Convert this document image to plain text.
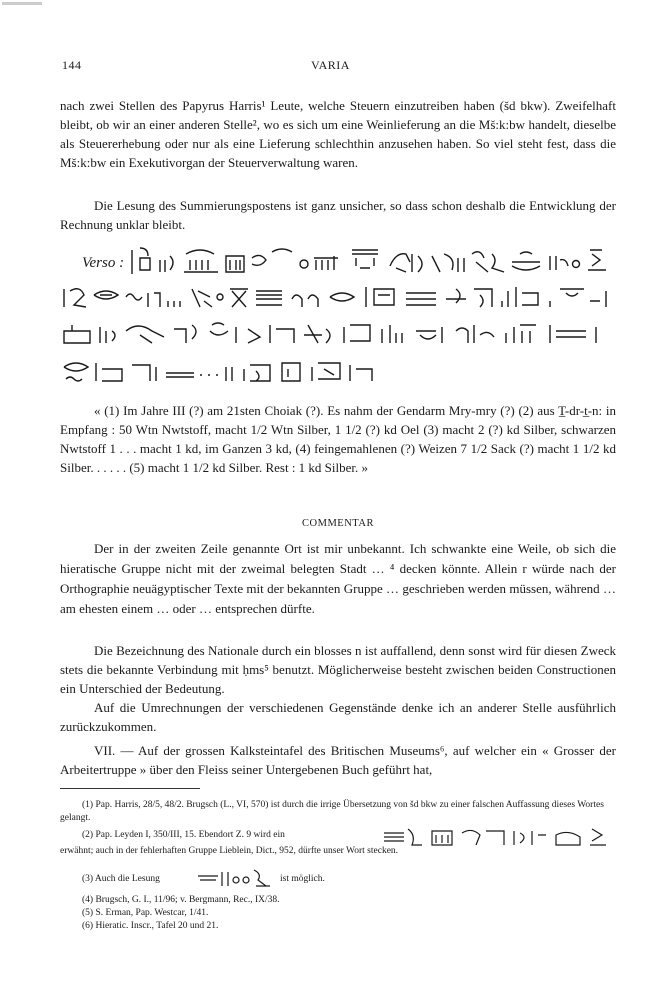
144	VARIA

nach zwei Stellen des Papyrus Harris¹ Leute, welche Steuern einzutreiben haben (šd bkw). Zweifelhaft bleibt, ob wir an einer anderen Stelle², wo es sich um eine Weinlieferung an die Mš:k:bw handelt, dieselbe als Steuererhebung oder nur als eine Lieferung schlechthin anzusehen haben. So viel steht fest, dass die Mš:k:bw ein Exekutivorgan der Steuerverwaltung waren.

Die Lesung des Summierungspostens ist ganz unsicher, so dass schon deshalb die Entwicklung der Rechnung unklar bleibt.

Verso :

« (1) Im Jahre III (?) am 21sten Choiak (?). Es nahm der Gendarm Mry-mry (?) (2) aus T̲-dr-t̲-n: in Empfang : 50 Wtn Nwtstoff, macht 1/2 Wtn Silber, 1 1/2 (?) kd Oel (3) macht 2 (?) kd Silber, schwarzen Nwtstoff 1 . . . macht 1 kd, im Ganzen 3 kd, (4) feingemahlenen (?) Weizen 7 1/2 Sack (?) macht 1 1/2 kd Silber. . . . . . (5) macht 1 1/2 kd Silber. Rest : 1 kd Silber. »

COMMENTAR

Der in der zweiten Zeile genannte Ort ist mir unbekannt. Ich schwankte eine Weile, ob sich die hieratische Gruppe nicht mit der zweimal belegten Stadt … ⁴ decken könnte. Allein r würde nach der Orthographie neuägyptischer Texte mit der bekannten Gruppe … geschrieben werden müssen, während … am ehesten einem … oder … entsprechen dürfte.

Die Bezeichnung des Nationale durch ein blosses n ist auffallend, denn sonst wird für diesen Zweck stets die bekannte Verbindung mit ḥms⁵ benutzt. Möglicherweise besteht zwischen beiden Constructionen ein Unterschied der Bedeutung.

Auf die Umrechnungen der verschiedenen Gegenstände denke ich an anderer Stelle ausführlich zurückzukommen.

VII. — Auf der grossen Kalksteintafel des Britischen Museums⁶, auf welcher ein « Grosser der Arbeitertruppe » über den Fleiss seiner Untergebenen Buch geführt hat,

(1) Pap. Harris, 28/5, 48/2. Brugsch (L., VI, 570) ist durch die irrige Übersetzung von šd bkw zu einer falschen Auffassung dieses Wortes gelangt.

(2) Pap. Leyden I, 350/III, 15. Ebendort Z. 9 wird ein

erwähnt; auch in der fehlerhaften Gruppe Lieblein, Dict., 952, dürfte unser Wort stecken.

(3) Auch die Lesung	ist möglich.

(4) Brugsch, G. I., 11/96; v. Bergmann, Rec., IX/38.

(5) S. Erman, Pap. Westcar, 1/41.

(6) Hieratic. Inscr., Tafel 20 und 21.
